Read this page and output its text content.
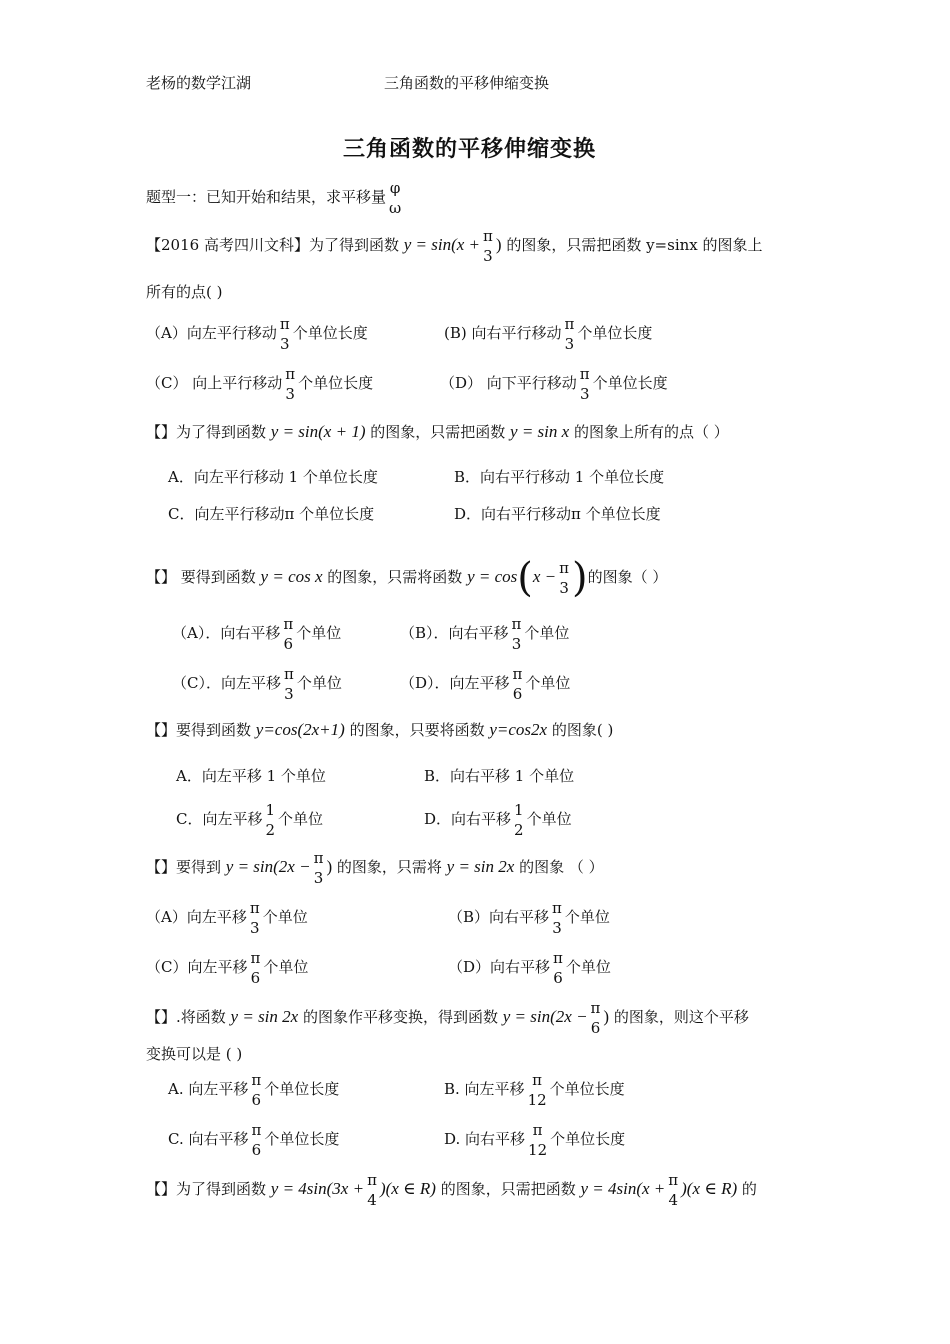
老杨的数学江湖	三角函数的平移伸缩变换
三角函数的平移伸缩变换
题型一：已知开始和结果，求平移量 φ
ω
【2016 高考四川文科】为了得到函数 y = sin(x + π
3
) 的图象，只需把函数 y=sinx 的图象上
所有的点( )
（A）向左平行移动 π
3
个单位长度	(B) 向右平行移动 π
3
个单位长度
（C） 向上平行移动 π
3
个单位长度	（D） 向下平行移动 π
3
个单位长度
【】为了得到函数 y = sin(x + 1) 的图象，只需把函数 y = sin x 的图象上所有的点（ ）
A．向左平行移动 1 个单位长度	B．向右平行移动 1 个单位长度
C．向左平行移动π 个单位长度	D．向右平行移动π 个单位长度
【】 要得到函数 y = cos x 的图象，只需将函数 y = cos(x − π
3 )的图象（ ）
（A）．向右平移 π
6
个单位	（B）．向右平移 π
3
个单位
（C）．向左平移 π
3
个单位	（D）．向左平移 π
6
个单位
【】要得到函数 y=cos(2x+1) 的图象，只要将函数 y=cos2x 的图象( )
A．向左平移 1 个单位	B．向右平移 1 个单位
C．向左平移 1
2
个单位	D．向右平移 1
2
个单位
【】要得到 y = sin(2x − π
3
) 的图象，只需将 y = sin 2x 的图象 （ ）
（A）向左平移 π
3
个单位	（B）向右平移 π
3
个单位
（C）向左平移 π
6
个单位	（D）向右平移 π
6
个单位
【】.将函数 y = sin 2x 的图象作平移变换，得到函数 y = sin(2x − π
6
) 的图象，则这个平移
变换可以是 ( )
A. 向左平移 π
6
个单位长度	B. 向左平移 π
12
个单位长度
C. 向右平移 π
6
个单位长度	D. 向右平移 π
12
个单位长度
【】为了得到函数 y = 4sin(3x + π
4
)(x ∈ R) 的图象，只需把函数 y = 4sin(x + π
4
)(x ∈ R) 的
